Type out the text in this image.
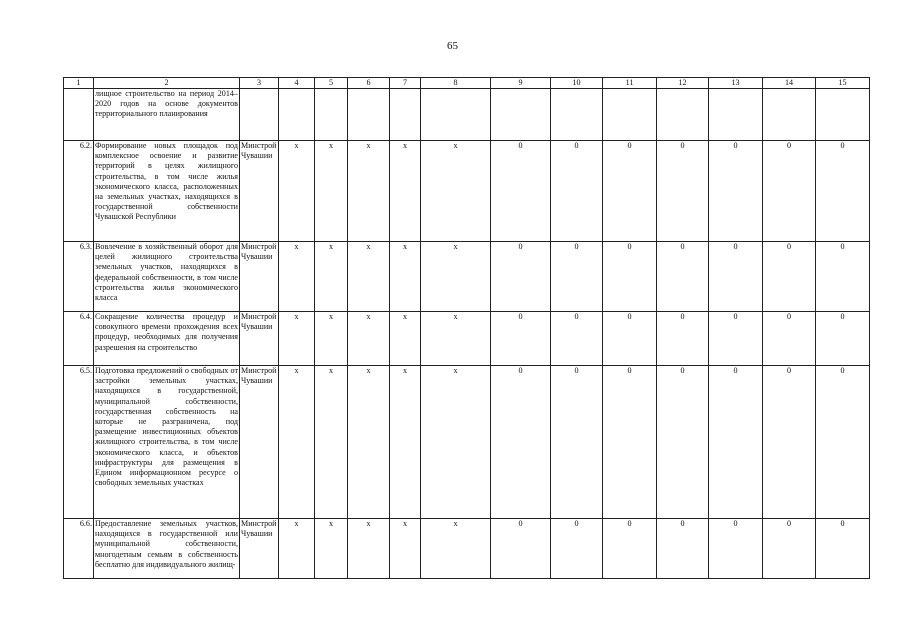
65
1	2	3	4	5	6	7	8	9	10	11	12	13	14	15
	лищное строительство на период 2014–2020 годов на основе документов территориального планирования													
6.2.	Формирование новых площадок под комплексное освоение и развитие территорий в целях жилищного строительства, в том числе жилья экономического класса, расположенных на земельных участках, находящихся в государственной собственности Чувашской Республики	Минстрой Чувашии	x	x	x	x	x	0	0	0	0	0	0	0
6.3.	Вовлечение в хозяйственный оборот для целей жилищного строительства земельных участков, находящихся в федеральной собственности, в том числе строительства жилья экономического класса	Минстрой Чувашии	x	x	x	x	x	0	0	0	0	0	0	0
6.4.	Сокращение количества процедур и совокупного времени прохождения всех процедур, необходимых для получения разрешения на строительство	Минстрой Чувашии	x	x	x	x	x	0	0	0	0	0	0	0
6.5.	Подготовка предложений о свободных от застройки земельных участках, находящихся в государственной, муниципальной собственности, государственная собственность на которые не разграничена, под размещение инвестиционных объектов жилищного строительства, в том числе экономического класса, и объектов инфраструктуры для размещения в Едином информационном ресурсе о свободных земельных участках	Минстрой Чувашии	x	x	x	x	x	0	0	0	0	0	0	0
6.6.	Предоставление земельных участков, находящихся в государственной или муниципальной собственности, многодетным семьям в собственность бесплатно для индивидуального жилищ-	Минстрой Чувашии	x	x	x	x	x	0	0	0	0	0	0	0
